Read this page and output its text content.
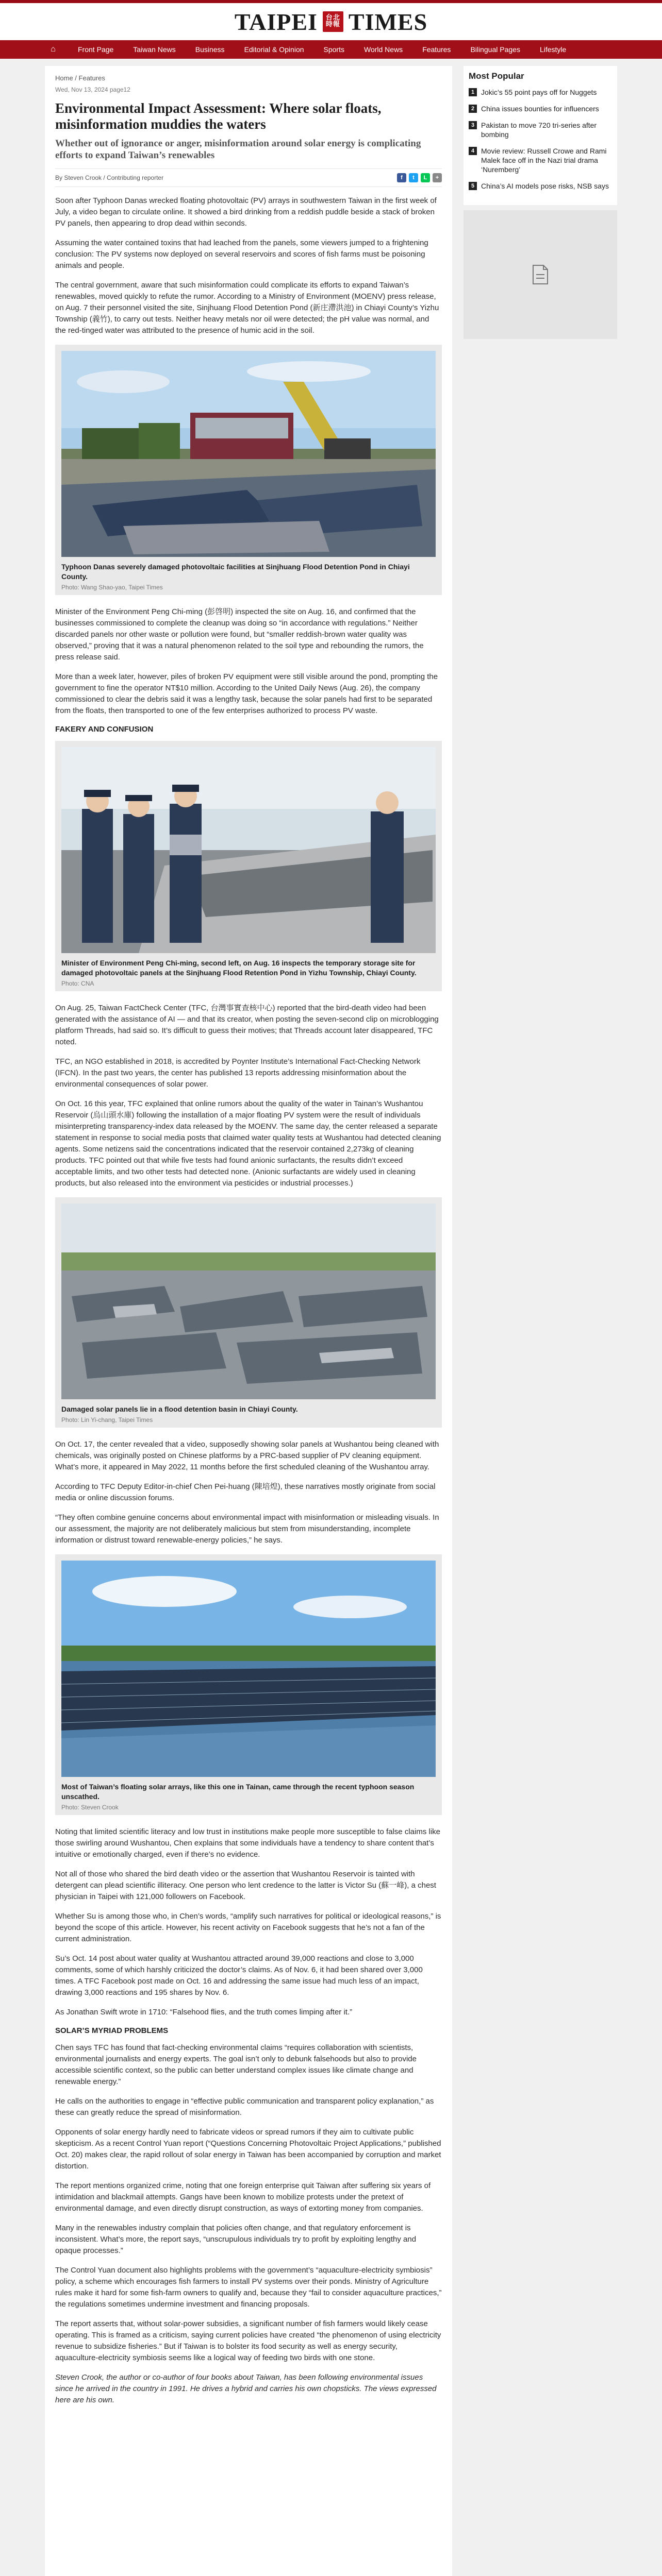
TAIPEI	台北
時報 TIMES
⌂	Front Page	Taiwan News	Business	Editorial & Opinion	Sports	World News	Features	Bilingual Pages	Lifestyle
Home / Features
Wed, Nov 13, 2024 page12
Environmental Impact Assessment: Where solar floats, misinformation muddies the waters
Whether out of ignorance or anger, misinformation around solar energy is complicating efforts to expand Taiwan’s renewables
By Steven Crook / Contributing reporter	f	t	L	+

Soon after Typhoon Danas wrecked floating photovoltaic (PV) arrays in southwestern Taiwan in the first week of July, a video began to circulate online. It showed a bird drinking from a reddish puddle beside a stack of broken PV panels, then appearing to drop dead within seconds.

Assuming the water contained toxins that had leached from the panels, some viewers jumped to a frightening conclusion: The PV systems now deployed on several reservoirs and scores of fish farms must be poisoning animals and people.

The central government, aware that such misinformation could complicate its efforts to expand Taiwan’s renewables, moved quickly to refute the rumor. According to a Ministry of Environment (MOENV) press release, on Aug. 7 their personnel visited the site, Sinjhuang Flood Detention Pond (新庄滯洪池) in Chiayi County’s Yizhu Township (義竹), to carry out tests. Neither heavy metals nor oil were detected; the pH value was normal, and the red-tinged water was attributed to the presence of humic acid in the soil.

Typhoon Danas severely damaged photovoltaic facilities at Sinjhuang Flood Detention Pond in Chiayi County.
Photo: Wang Shao-yao, Taipei Times

Minister of the Environment Peng Chi-ming (彭啓明) inspected the site on Aug. 16, and confirmed that the businesses commissioned to complete the cleanup was doing so “in accordance with regulations.” Neither discarded panels nor other waste or pollution were found, but “smaller reddish-brown water quality was observed,” proving that it was a natural phenomenon related to the soil type and rebounding the rumors, the press release said.

More than a week later, however, piles of broken PV equipment were still visible around the pond, prompting the government to fine the operator NT$10 million. According to the United Daily News (Aug. 26), the company commissioned to clear the debris said it was a lengthy task, because the solar panels had first to be separated from the floats, then transported to one of the few enterprises authorized to process PV waste.

FAKERY AND CONFUSION
Minister of Environment Peng Chi-ming, second left, on Aug. 16 inspects the temporary storage site for damaged photovoltaic panels at the Sinjhuang Flood Retention Pond in Yizhu Township, Chiayi County.
Photo: CNA

On Aug. 25, Taiwan FactCheck Center (TFC, 台灣事實查核中心) reported that the bird-death video had been generated with the assistance of AI — and that its creator, when posting the seven-second clip on microblogging platform Threads, had said so. It’s difficult to guess their motives; that Threads account later disappeared, TFC noted.

TFC, an NGO established in 2018, is accredited by Poynter Institute’s International Fact-Checking Network (IFCN). In the past two years, the center has published 13 reports addressing misinformation about the environmental consequences of solar power.

On Oct. 16 this year, TFC explained that online rumors about the quality of the water in Tainan’s Wushantou Reservoir (烏山頭水庫) following the installation of a major floating PV system were the result of individuals misinterpreting transparency-index data released by the MOENV. The same day, the center released a separate statement in response to social media posts that claimed water quality tests at Wushantou had detected cleaning agents. Some netizens said the concentrations indicated that the reservoir contained 2,273kg of cleaning products. TFC pointed out that while five tests had found anionic surfactants, the results didn’t exceed acceptable limits, and two other tests had detected none. (Anionic surfactants are widely used in cleaning products, but also released into the environment via pesticides or industrial processes.)

Damaged solar panels lie in a flood detention basin in Chiayi County.
Photo: Lin Yi-chang, Taipei Times

On Oct. 17, the center revealed that a video, supposedly showing solar panels at Wushantou being cleaned with chemicals, was originally posted on Chinese platforms by a PRC-based supplier of PV cleaning equipment. What’s more, it appeared in May 2022, 11 months before the first scheduled cleaning of the Wushantou array.

According to TFC Deputy Editor-in-chief Chen Pei-huang (陳培煌), these narratives mostly originate from social media or online discussion forums.

“They often combine genuine concerns about environmental impact with misinformation or misleading visuals. In our assessment, the majority are not deliberately malicious but stem from misunderstanding, incomplete information or distrust toward renewable-energy policies,” he says.

Most of Taiwan’s floating solar arrays, like this one in Tainan, came through the recent typhoon season unscathed.
Photo: Steven Crook

Noting that limited scientific literacy and low trust in institutions make people more susceptible to false claims like those swirling around Wushantou, Chen explains that some individuals have a tendency to share content that’s intuitive or emotionally charged, even if there’s no evidence.

Not all of those who shared the bird death video or the assertion that Wushantou Reservoir is tainted with detergent can plead scientific illiteracy. One person who lent credence to the latter is Victor Su (蘇一峰), a chest physician in Taipei with 121,000 followers on Facebook.

Whether Su is among those who, in Chen’s words, “amplify such narratives for political or ideological reasons,” is beyond the scope of this article. However, his recent activity on Facebook suggests that he’s not a fan of the current administration.

Su’s Oct. 14 post about water quality at Wushantou attracted around 39,000 reactions and close to 3,000 comments, some of which harshly criticized the doctor’s claims. As of Nov. 6, it had been shared over 3,000 times. A TFC Facebook post made on Oct. 16 and addressing the same issue had much less of an impact, drawing 3,000 reactions and 195 shares by Nov. 6.

As Jonathan Swift wrote in 1710: “Falsehood flies, and the truth comes limping after it.”

SOLAR’S MYRIAD PROBLEMS

Chen says TFC has found that fact-checking environmental claims “requires collaboration with scientists, environmental journalists and energy experts. The goal isn’t only to debunk falsehoods but also to provide accessible scientific context, so the public can better understand complex issues like climate change and renewable energy.”

He calls on the authorities to engage in “effective public communication and transparent policy explanation,” as these can greatly reduce the spread of misinformation.

Opponents of solar energy hardly need to fabricate videos or spread rumors if they aim to cultivate public skepticism. As a recent Control Yuan report (“Questions Concerning Photovoltaic Project Applications,” published Oct. 20) makes clear, the rapid rollout of solar energy in Taiwan has been accompanied by corruption and market distortion.

The report mentions organized crime, noting that one foreign enterprise quit Taiwan after suffering six years of intimidation and blackmail attempts. Gangs have been known to mobilize protests under the pretext of environmental damage, and even directly disrupt construction, as ways of extorting money from companies.

Many in the renewables industry complain that policies often change, and that regulatory enforcement is inconsistent. What’s more, the report says, “unscrupulous individuals try to profit by exploiting lengthy and opaque processes.”

The Control Yuan document also highlights problems with the government’s “aquaculture-electricity symbiosis” policy, a scheme which encourages fish farmers to install PV systems over their ponds. Ministry of Agriculture rules make it hard for some fish-farm owners to qualify and, because they “fail to consider aquaculture practices,” the regulations sometimes undermine investment and financing proposals.

The report asserts that, without solar-power subsidies, a significant number of fish farmers would likely cease operating. This is framed as a criticism, saying current policies have created “the phenomenon of using electricity revenue to subsidize fisheries.” But if Taiwan is to bolster its food security as well as energy security, aquaculture-electricity symbiosis seems like a logical way of feeding two birds with one stone.

Steven Crook, the author or co-author of four books about Taiwan, has been following environmental issues since he arrived in the country in 1991. He drives a hybrid and carries his own chopsticks. The views expressed here are his own.

Most Popular
1 Jokic’s 55 point pays off for Nuggets
2 China issues bounties for influencers
3 Pakistan to move 720 tri-series after bombing
4 Movie review: Russell Crowe and Rami Malek face off in the Nazi trial drama ‘Nuremberg’
5 China’s AI models pose risks, NSB says
